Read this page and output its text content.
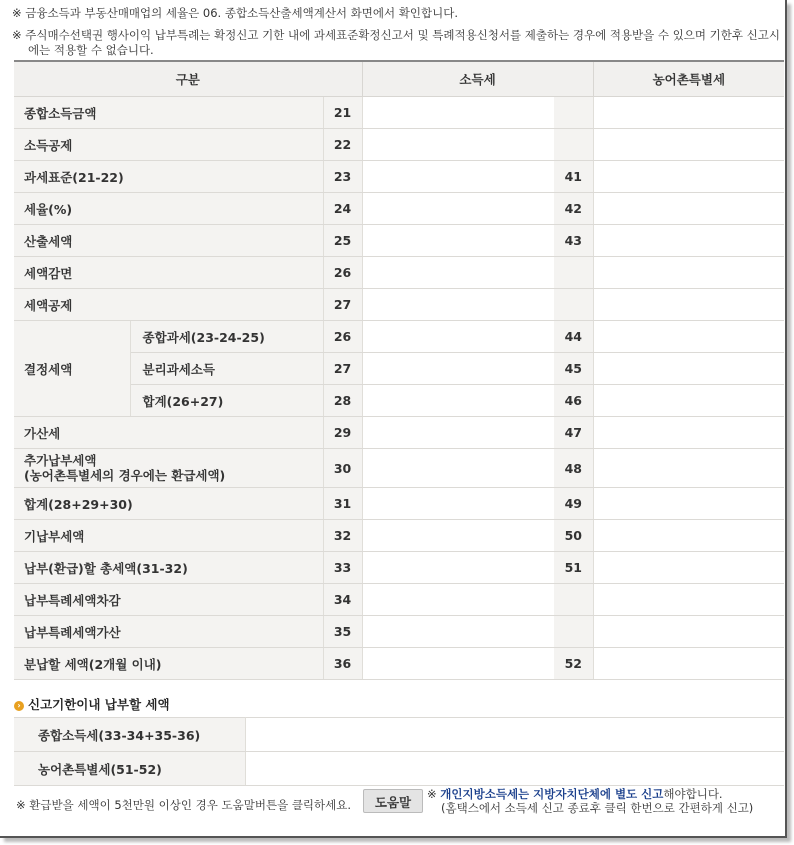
※ 금융소득과 부동산매매업의 세율은 06. 종합소득산출세액계산서 화면에서 확인합니다.
※ 주식매수선택권 행사이익 납부특례는 확정신고 기한 내에 과세표준확정신고서 및 특례적용신청서를 제출하는 경우에 적용받을 수 있으며 기한후 신고시
에는 적용할 수 없습니다.
구분			소득세		농어촌특별세
종합소득금액		21			
소득공제		22			
과세표준(21-22)		23		41	
세율(%)		24		42	
산출세액		25		43	
세액감면		26			
세액공제		27			
결정세액	종합과세(23-24-25)	26		44	
	분리과세소득	27		45	
	합계(26+27)	28		46	
가산세		29		47	

추가납부세액
(농어촌특별세의 경우에는 환급세액)		30		48	
합계(28+29+30)		31		49	
기납부세액		32		50	
납부(환급)할 총세액(31-32)		33		51	
납부특례세액차감		34			
납부특례세액가산		35			
분납할 세액(2개월 이내)		36		52	
› 신고기한이내 납부할 세액
종합소득세(33-34+35-36)	
농어촌특별세(51-52)	
※ 환급받을 세액이 5천만원 이상인 경우 도움말버튼을 클릭하세요.	도움말
※ 개인지방소득세는 지방자치단체에 별도 신고해야합니다.
(홈택스에서 소득세 신고 종료후 클릭 한번으로 간편하게 신고)
